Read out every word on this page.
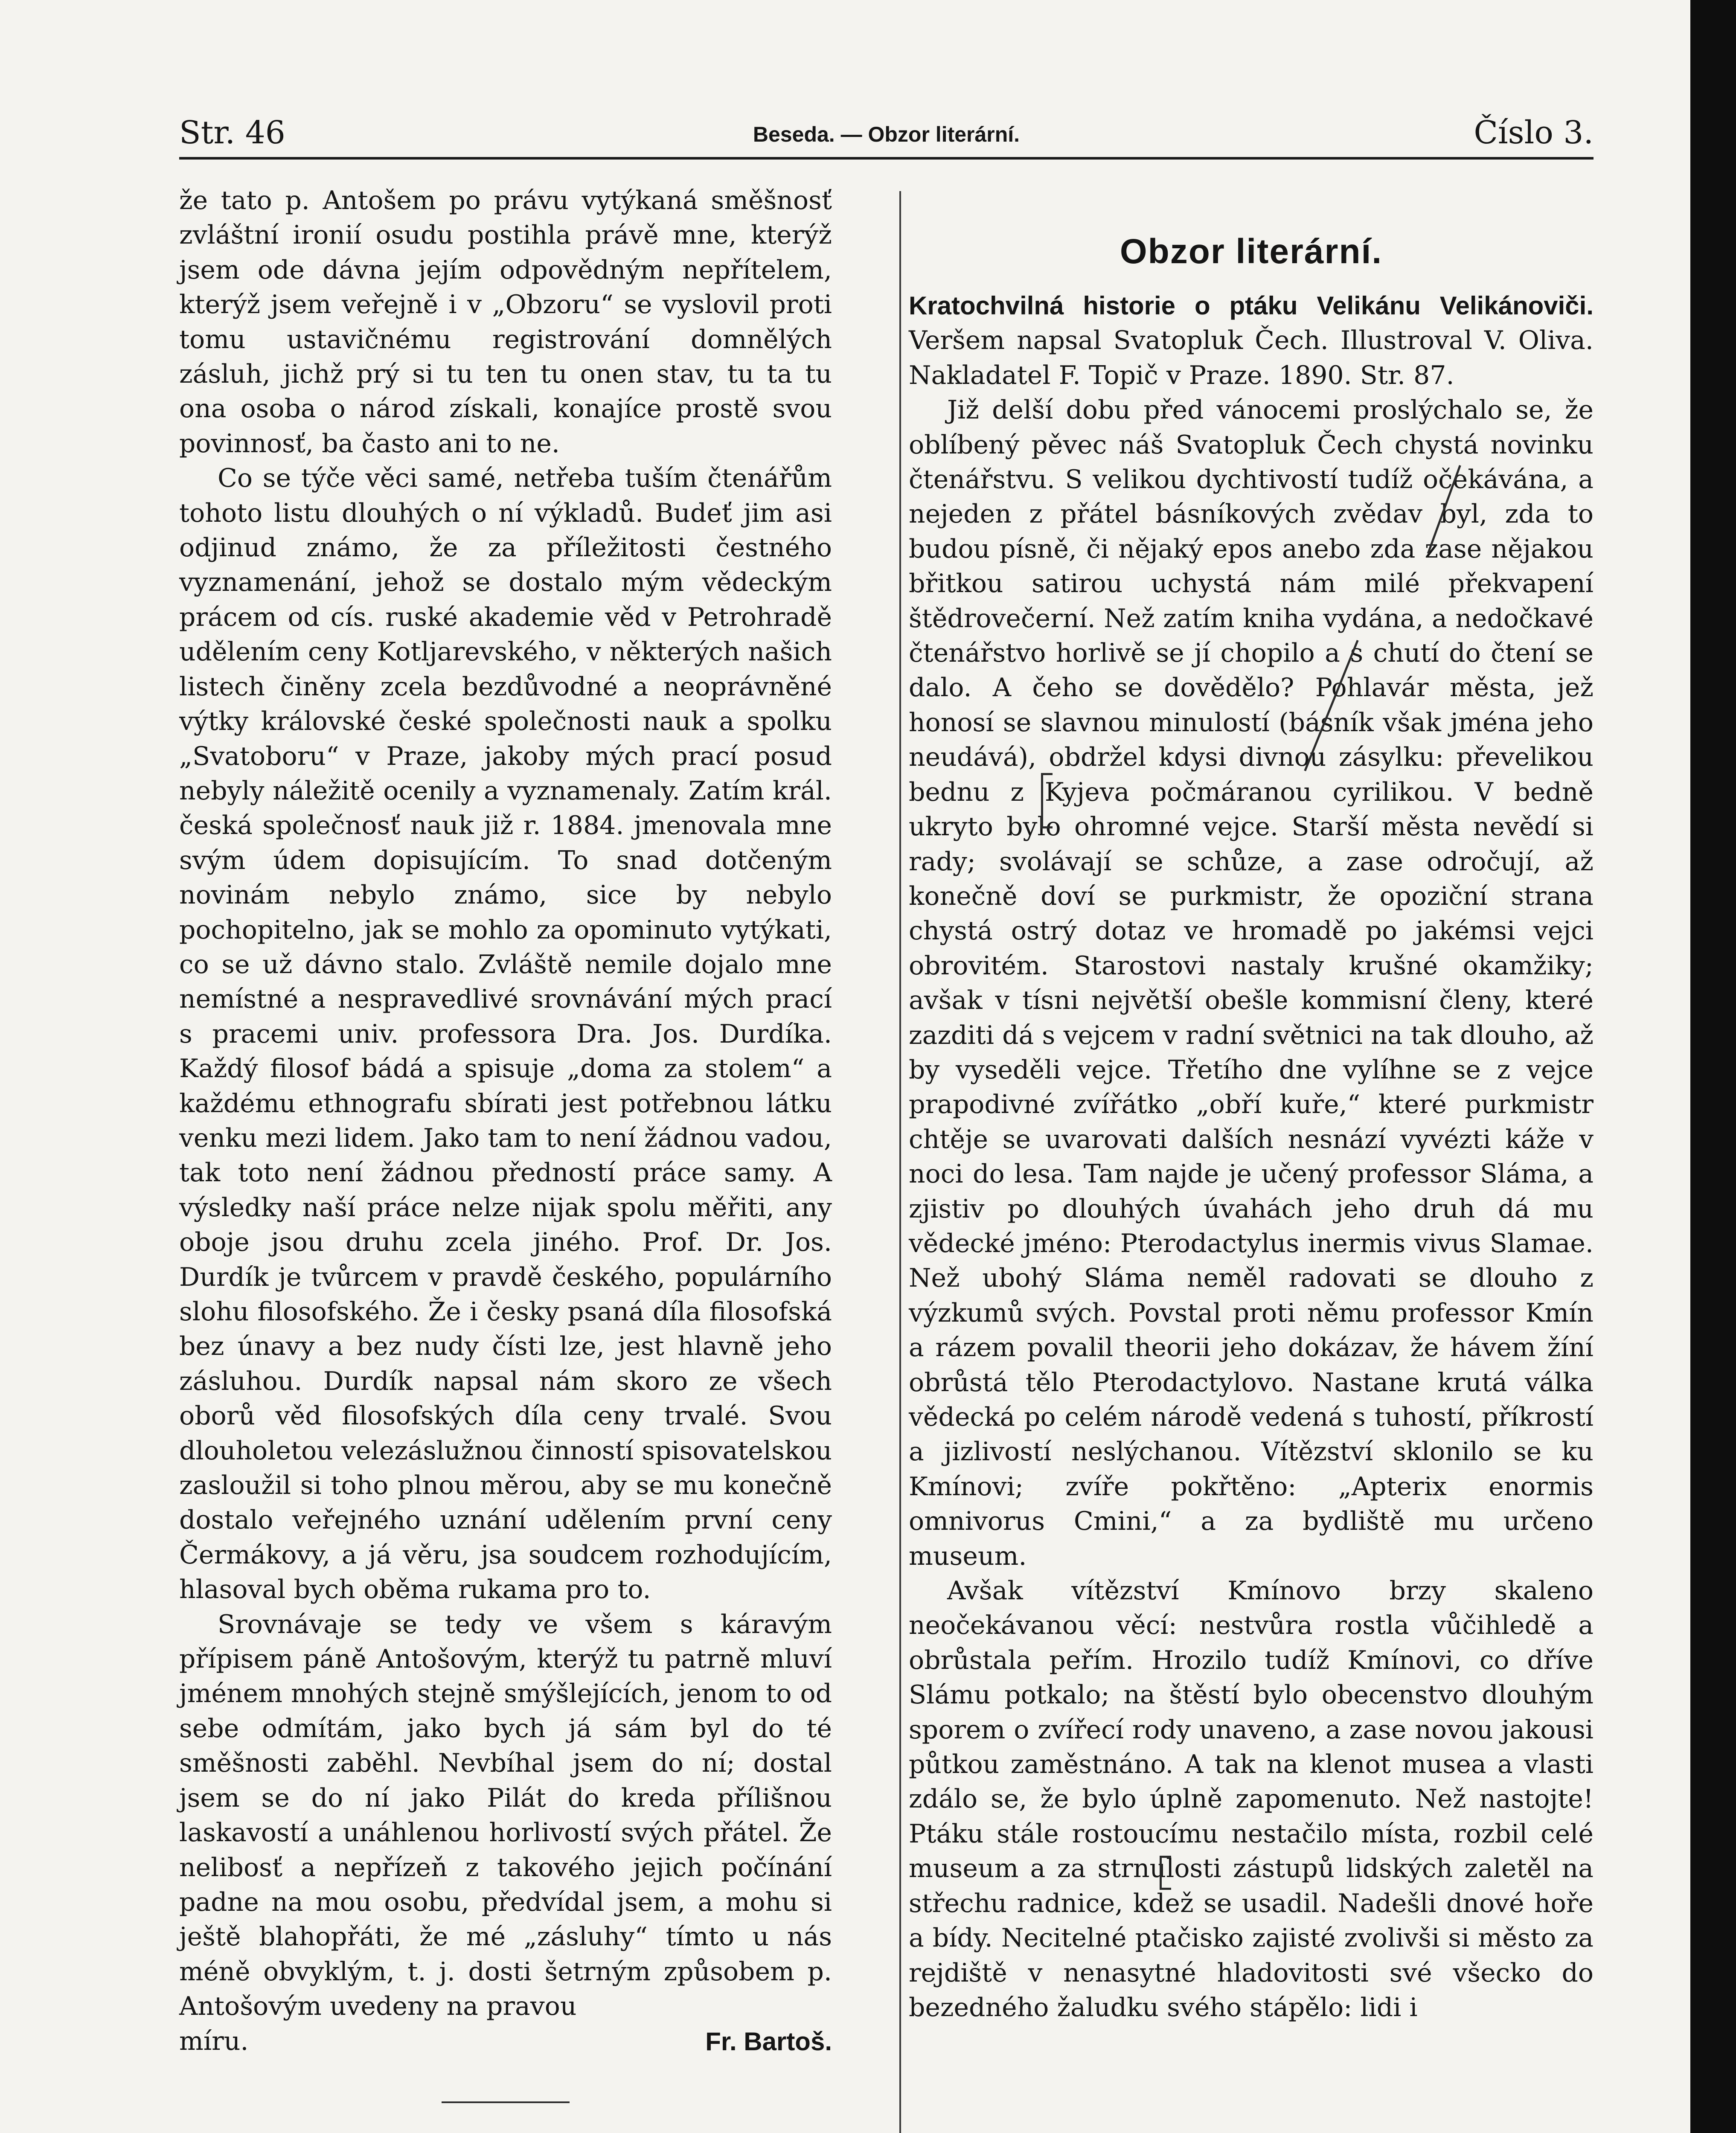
Str. 46	Beseda. — Obzor literární.	Číslo 3.

že tato p. Antošem po právu vytýkaná směšnosť zvláštní ironií osudu postihla právě mne, kterýž jsem ode dávna jejím odpovědným nepřítelem, kterýž jsem veřejně i v „Obzoru“ se vyslovil proti tomu ustavičnému registrování domnělých zásluh, jichž prý si tu ten tu onen stav, tu ta tu ona osoba o národ získali, konajíce prostě svou povinnosť, ba často ani to ne.

Co se týče věci samé, netřeba tuším čtenářům tohoto listu dlouhých o ní výkladů. Budeť jim asi odjinud známo, že za příležitosti čestného vyznamenání, jehož se dostalo mým vědeckým prácem od cís. ruské akademie věd v Petrohradě udělením ceny Kotljarevského, v některých našich listech činěny zcela bezdůvodné a neoprávněné výtky královské české společnosti nauk a spolku „Svatoboru“ v Praze, jakoby mých prací posud nebyly náležitě ocenily a vyznamenaly. Zatím král. česká společnosť nauk již r. 1884. jmenovala mne svým údem dopisujícím. To snad dotčeným novinám nebylo známo, sice by nebylo pochopitelno, jak se mohlo za opominuto vytýkati, co se už dávno stalo. Zvláště nemile dojalo mne nemístné a nespravedlivé srovnávání mých prací s pracemi univ. professora Dra. Jos. Durdíka. Každý filosof bádá a spisuje „doma za stolem“ a každému ethnografu sbírati jest potřebnou látku venku mezi lidem. Jako tam to není žádnou vadou, tak toto není žádnou předností práce samy. A výsledky naší práce nelze nijak spolu měřiti, any oboje jsou druhu zcela jiného. Prof. Dr. Jos. Durdík je tvůrcem v pravdě českého, populárního slohu filosofského. Že i česky psaná díla filosofská bez únavy a bez nudy čísti lze, jest hlavně jeho zásluhou. Durdík napsal nám skoro ze všech oborů věd filosofských díla ceny trvalé. Svou dlouholetou velezáslužnou činností spisovatelskou zasloužil si toho plnou měrou, aby se mu konečně dostalo veřejného uznání udělením první ceny Čermákovy, a já věru, jsa soudcem rozhodujícím, hlasoval bych oběma rukama pro to.

Srovnávaje se tedy ve všem s káravým přípisem páně Antošovým, kterýž tu patrně mluví jménem mnohých stejně smýšlejících, jenom to od sebe odmítám, jako bych já sám byl do té směšnosti zaběhl. Nevbíhal jsem do ní; dostal jsem se do ní jako Pilát do kreda přílišnou laskavostí a unáhlenou horlivostí svých přátel. Že nelibosť a nepřízeň z takového jejich počínání padne na mou osobu, předvídal jsem, a mohu si ještě blahopřáti, že mé „zásluhy“ tímto u nás méně obvyklým, t. j. dosti šetrným způsobem p. Antošovým uvedeny na pravou

míru.	Fr. Bartoš.
Obzor literární.

Kratochvilná historie o ptáku Velikánu Velikánoviči. Veršem napsal Svatopluk Čech. Illustroval V. Oliva. Nakladatel F. Topič v Praze. 1890. Str. 87.

Již delší dobu před vánocemi proslýchalo se, že oblíbený pěvec náš Svatopluk Čech chystá novinku čtenářstvu. S velikou dychtivostí tudíž očekávána, a nejeden z přátel básníkových zvědav byl, zda to budou písně, či nějaký epos anebo zda zase nějakou břitkou satirou uchystá nám milé překvapení štědrovečerní. Než zatím kniha vydána, a nedočkavé čtenářstvo horlivě se jí chopilo a s chutí do čtení se dalo. A čeho se dovědělo? Pohlavár města, jež honosí se slavnou minulostí (básník však jména jeho neudává), obdržel kdysi divnou zásylku: převelikou bednu z Kyjeva počmáranou cyrilikou. V bedně ukryto bylo ohromné vejce. Starší města nevědí si rady; svolávají se schůze, a zase odročují, až konečně doví se purkmistr, že opoziční strana chystá ostrý dotaz ve hromadě po jakémsi vejci obrovitém. Starostovi nastaly krušné okamžiky; avšak v tísni největší obešle kommisní členy, které zazditi dá s vejcem v radní světnici na tak dlouho, až by vyseděli vejce. Třetího dne vylíhne se z vejce prapodivné zvířátko „obří kuře,“ které purkmistr chtěje se uvarovati dalších nesnází vyvézti káže v noci do lesa. Tam najde je učený professor Sláma, a zjistiv po dlouhých úvahách jeho druh dá mu vědecké jméno: Pterodactylus inermis vivus Slamae. Než ubohý Sláma neměl radovati se dlouho z výzkumů svých. Povstal proti němu professor Kmín a rázem povalil theorii jeho dokázav, že hávem žíní obrůstá tělo Pterodactylovo. Nastane krutá válka vědecká po celém národě vedená s tuhostí, příkrostí a jizlivostí neslýchanou. Vítězství sklonilo se ku Kmínovi; zvíře pokřtěno: „Apterix enormis omnivorus Cmini,“ a za bydliště mu určeno museum.

Avšak vítězství Kmínovo brzy skaleno neočekávanou věcí: nestvůra rostla vůčihledě a obrůstala peřím. Hrozilo tudíž Kmínovi, co dříve Slámu potkalo; na štěstí bylo obecenstvo dlouhým sporem o zvířecí rody unaveno, a zase novou jakousi půtkou zaměstnáno. A tak na klenot musea a vlasti zdálo se, že bylo úplně zapomenuto. Než nastojte! Ptáku stále rostoucímu nestačilo místa, rozbil celé museum a za strnulosti zástupů lidských zaletěl na střechu radnice, kdež se usadil. Nadešli dnové hoře a bídy. Necitelné ptačisko zajisté zvolivši si město za rejdiště v nenasytné hladovitosti své všecko do bezedného žaludku svého stápělo: lidi i
